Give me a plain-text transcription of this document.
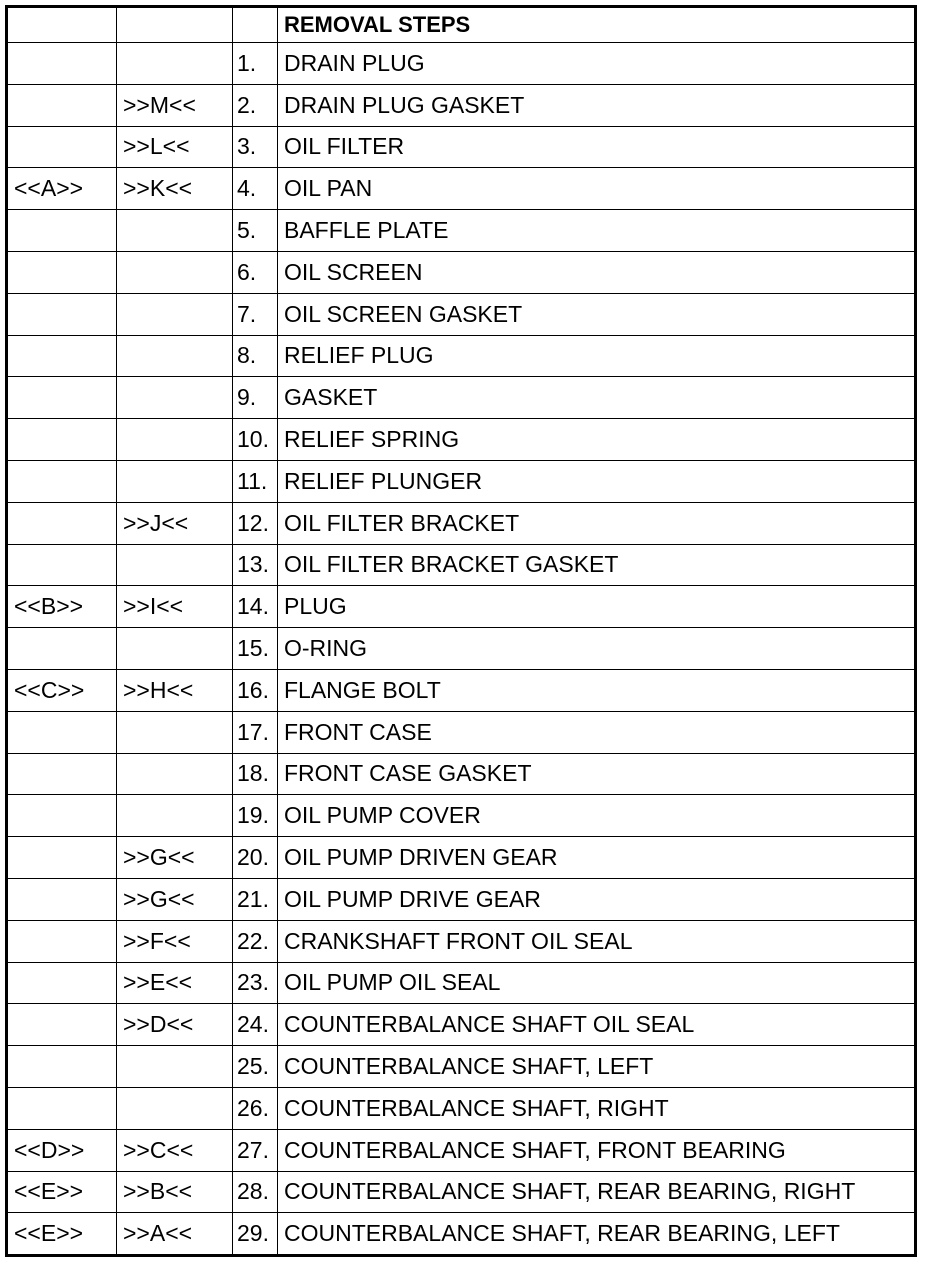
			REMOVAL STEPS
		1.	DRAIN PLUG
	>>M<<	2.	DRAIN PLUG GASKET
	>>L<<	3.	OIL FILTER
<<A>>	>>K<<	4.	OIL PAN
		5.	BAFFLE PLATE
		6.	OIL SCREEN
		7.	OIL SCREEN GASKET
		8.	RELIEF PLUG
		9.	GASKET
		10.	RELIEF SPRING
		11.	RELIEF PLUNGER
	>>J<<	12.	OIL FILTER BRACKET
		13.	OIL FILTER BRACKET GASKET
<<B>>	>>I<<	14.	PLUG
		15.	O-RING
<<C>>	>>H<<	16.	FLANGE BOLT
		17.	FRONT CASE
		18.	FRONT CASE GASKET
		19.	OIL PUMP COVER
	>>G<<	20.	OIL PUMP DRIVEN GEAR
	>>G<<	21.	OIL PUMP DRIVE GEAR
	>>F<<	22.	CRANKSHAFT FRONT OIL SEAL
	>>E<<	23.	OIL PUMP OIL SEAL
	>>D<<	24.	COUNTERBALANCE SHAFT OIL SEAL
		25.	COUNTERBALANCE SHAFT, LEFT
		26.	COUNTERBALANCE SHAFT, RIGHT
<<D>>	>>C<<	27.	COUNTERBALANCE SHAFT, FRONT BEARING
<<E>>	>>B<<	28.	COUNTERBALANCE SHAFT, REAR BEARING, RIGHT
<<E>>	>>A<<	29.	COUNTERBALANCE SHAFT, REAR BEARING, LEFT
